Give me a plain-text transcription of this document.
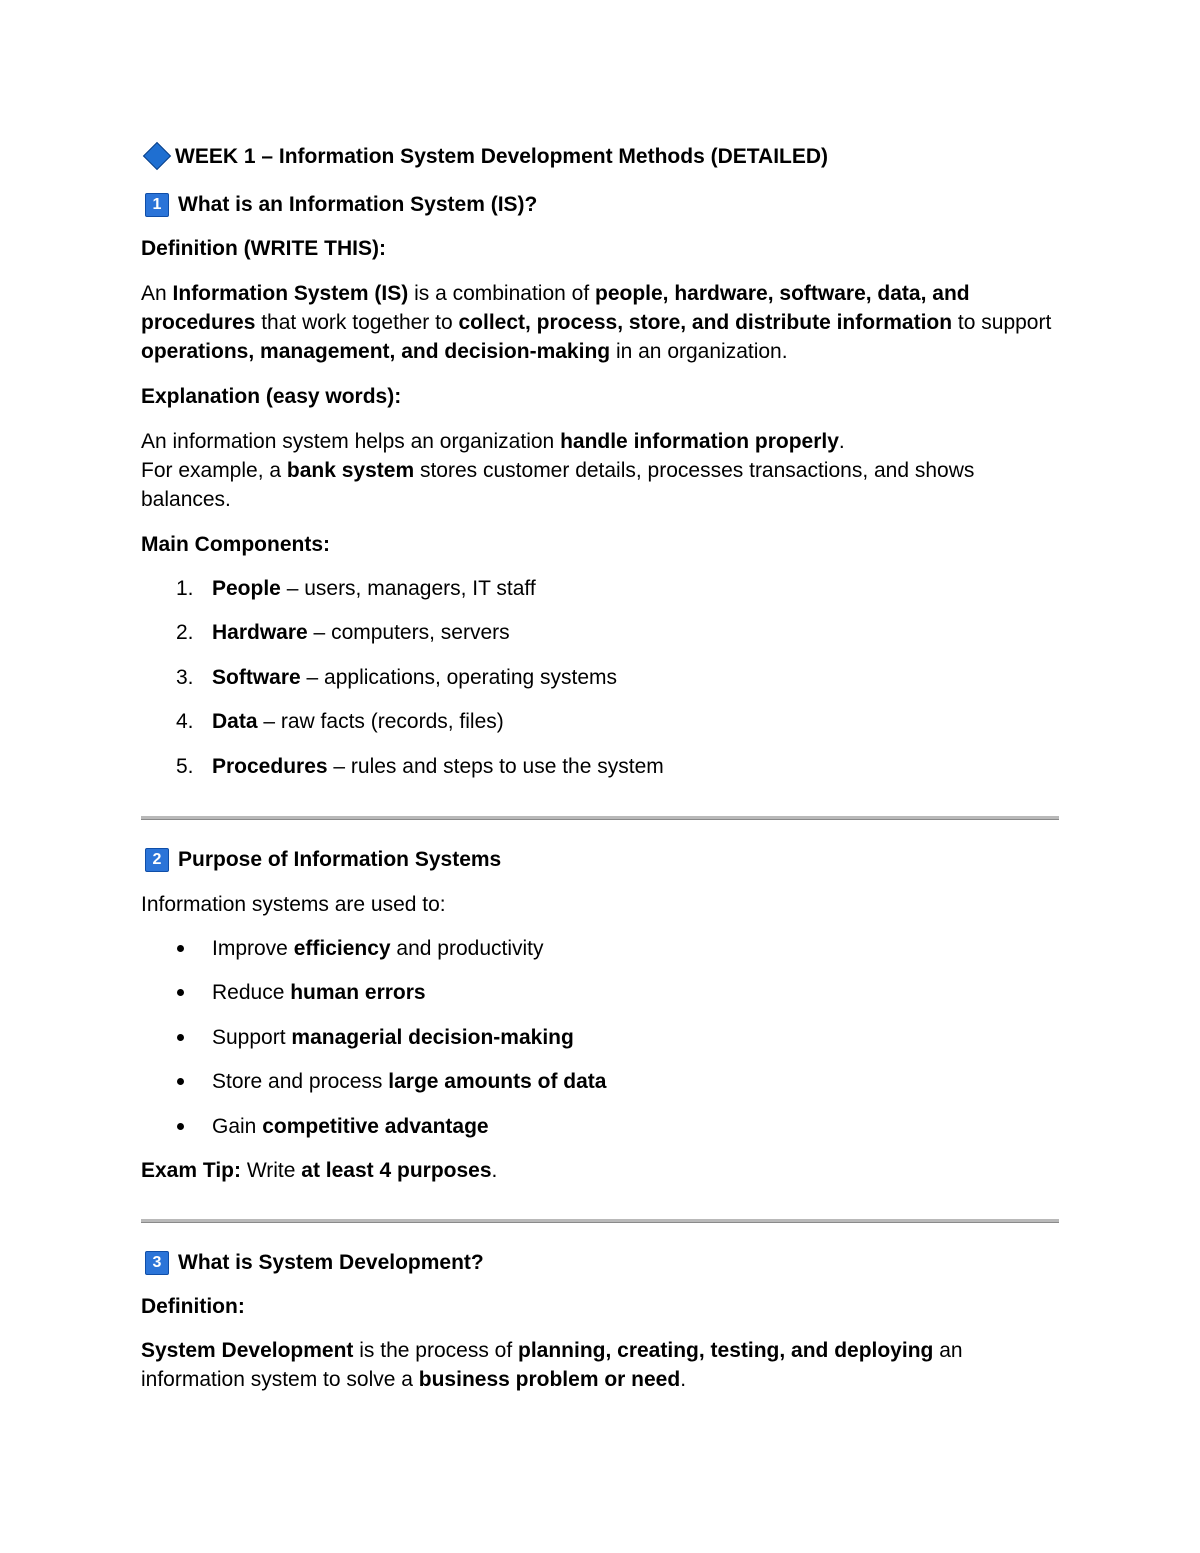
WEEK 1 – Information System Development Methods (DETAILED)
1 What is an Information System (IS)?

Definition (WRITE THIS):

An Information System (IS) is a combination of people, hardware, software, data, and procedures that work together to collect, process, store, and distribute information to support operations, management, and decision-making in an organization.

Explanation (easy words):

An information system helps an organization handle information properly.
For example, a bank system stores customer details, processes transactions, and shows balances.

Main Components:

1. People – users, managers, IT staff
2. Hardware – computers, servers
3. Software – applications, operating systems
4. Data – raw facts (records, files)
5. Procedures – rules and steps to use the system
2 Purpose of Information Systems

Information systems are used to:

Improve efficiency and productivity
Reduce human errors
Support managerial decision-making
Store and process large amounts of data
Gain competitive advantage

Exam Tip: Write at least 4 purposes.

3 What is System Development?

Definition:

System Development is the process of planning, creating, testing, and deploying an information system to solve a business problem or need.
